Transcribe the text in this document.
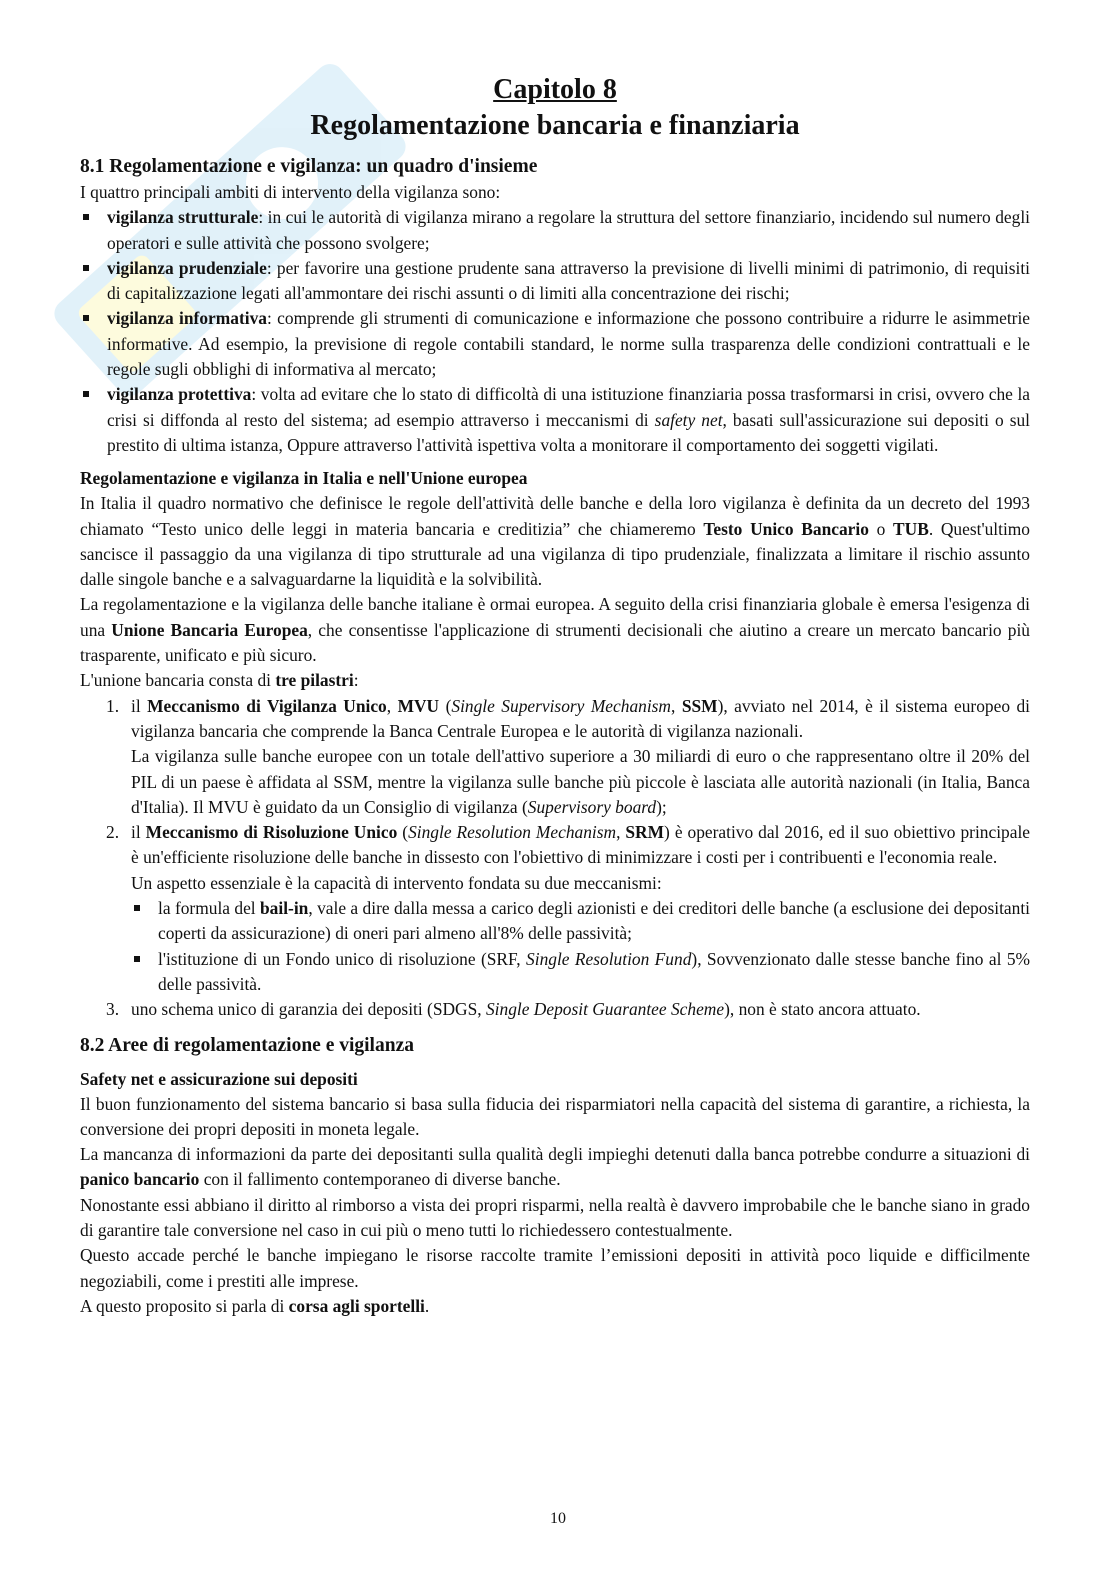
Capitolo 8
Regolamentazione bancaria e finanziaria
8.1 Regolamentazione e vigilanza: un quadro d'insieme

I quattro principali ambiti di intervento della vigilanza sono:

vigilanza strutturale: in cui le autorità di vigilanza mirano a regolare la struttura del settore finanziario, incidendo sul numero degli operatori e sulle attività che possono svolgere;
vigilanza prudenziale: per favorire una gestione prudente sana attraverso la previsione di livelli minimi di patrimonio, di requisiti di capitalizzazione legati all'ammontare dei rischi assunti o di limiti alla concentrazione dei rischi;
vigilanza informativa: comprende gli strumenti di comunicazione e informazione che possono contribuire a ridurre le asimmetrie informative. Ad esempio, la previsione di regole contabili standard, le norme sulla trasparenza delle condizioni contrattuali e le regole sugli obblighi di informativa al mercato;
vigilanza protettiva: volta ad evitare che lo stato di difficoltà di una istituzione finanziaria possa trasformarsi in crisi, ovvero che la crisi si diffonda al resto del sistema; ad esempio attraverso i meccanismi di safety net, basati sull'assicurazione sui depositi o sul prestito di ultima istanza, Oppure attraverso l'attività ispettiva volta a monitorare il comportamento dei soggetti vigilati.
Regolamentazione e vigilanza in Italia e nell'Unione europea

In Italia il quadro normativo che definisce le regole dell'attività delle banche e della loro vigilanza è definita da un decreto del 1993 chiamato “Testo unico delle leggi in materia bancaria e creditizia” che chiameremo Testo Unico Bancario o TUB. Quest'ultimo sancisce il passaggio da una vigilanza di tipo strutturale ad una vigilanza di tipo prudenziale, finalizzata a limitare il rischio assunto dalle singole banche e a salvaguardarne la liquidità e la solvibilità.

La regolamentazione e la vigilanza delle banche italiane è ormai europea. A seguito della crisi finanziaria globale è emersa l'esigenza di una Unione Bancaria Europea, che consentisse l'applicazione di strumenti decisionali che aiutino a creare un mercato bancario più trasparente, unificato e più sicuro.

L'unione bancaria consta di tre pilastri:

1. il Meccanismo di Vigilanza Unico, MVU (Single Supervisory Mechanism, SSM), avviato nel 2014, è il sistema europeo di vigilanza bancaria che comprende la Banca Centrale Europea e le autorità di vigilanza nazionali.

La vigilanza sulle banche europee con un totale dell'attivo superiore a 30 miliardi di euro o che rappresentano oltre il 20% del PIL di un paese è affidata al SSM, mentre la vigilanza sulle banche più piccole è lasciata alle autorità nazionali (in Italia, Banca d'Italia). Il MVU è guidato da un Consiglio di vigilanza (Supervisory board);

2. il Meccanismo di Risoluzione Unico (Single Resolution Mechanism, SRM) è operativo dal 2016, ed il suo obiettivo principale è un'efficiente risoluzione delle banche in dissesto con l'obiettivo di minimizzare i costi per i contribuenti e l'economia reale.

Un aspetto essenziale è la capacità di intervento fondata su due meccanismi:

la formula del bail-in, vale a dire dalla messa a carico degli azionisti e dei creditori delle banche (a esclusione dei depositanti coperti da assicurazione) di oneri pari almeno all'8% delle passività;
l'istituzione di un Fondo unico di risoluzione (SRF, Single Resolution Fund), Sovvenzionato dalle stesse banche fino al 5% delle passività.
3. uno schema unico di garanzia dei depositi (SDGS, Single Deposit Guarantee Scheme), non è stato ancora attuato.
8.2 Aree di regolamentazione e vigilanza
Safety net e assicurazione sui depositi

Il buon funzionamento del sistema bancario si basa sulla fiducia dei risparmiatori nella capacità del sistema di garantire, a richiesta, la conversione dei propri depositi in moneta legale.

La mancanza di informazioni da parte dei depositanti sulla qualità degli impieghi detenuti dalla banca potrebbe condurre a situazioni di panico bancario con il fallimento contemporaneo di diverse banche.

Nonostante essi abbiano il diritto al rimborso a vista dei propri risparmi, nella realtà è davvero improbabile che le banche siano in grado di garantire tale conversione nel caso in cui più o meno tutti lo richiedessero contestualmente.

Questo accade perché le banche impiegano le risorse raccolte tramite l’emissioni depositi in attività poco liquide e difficilmente negoziabili, come i prestiti alle imprese.

A questo proposito si parla di corsa agli sportelli.

10
